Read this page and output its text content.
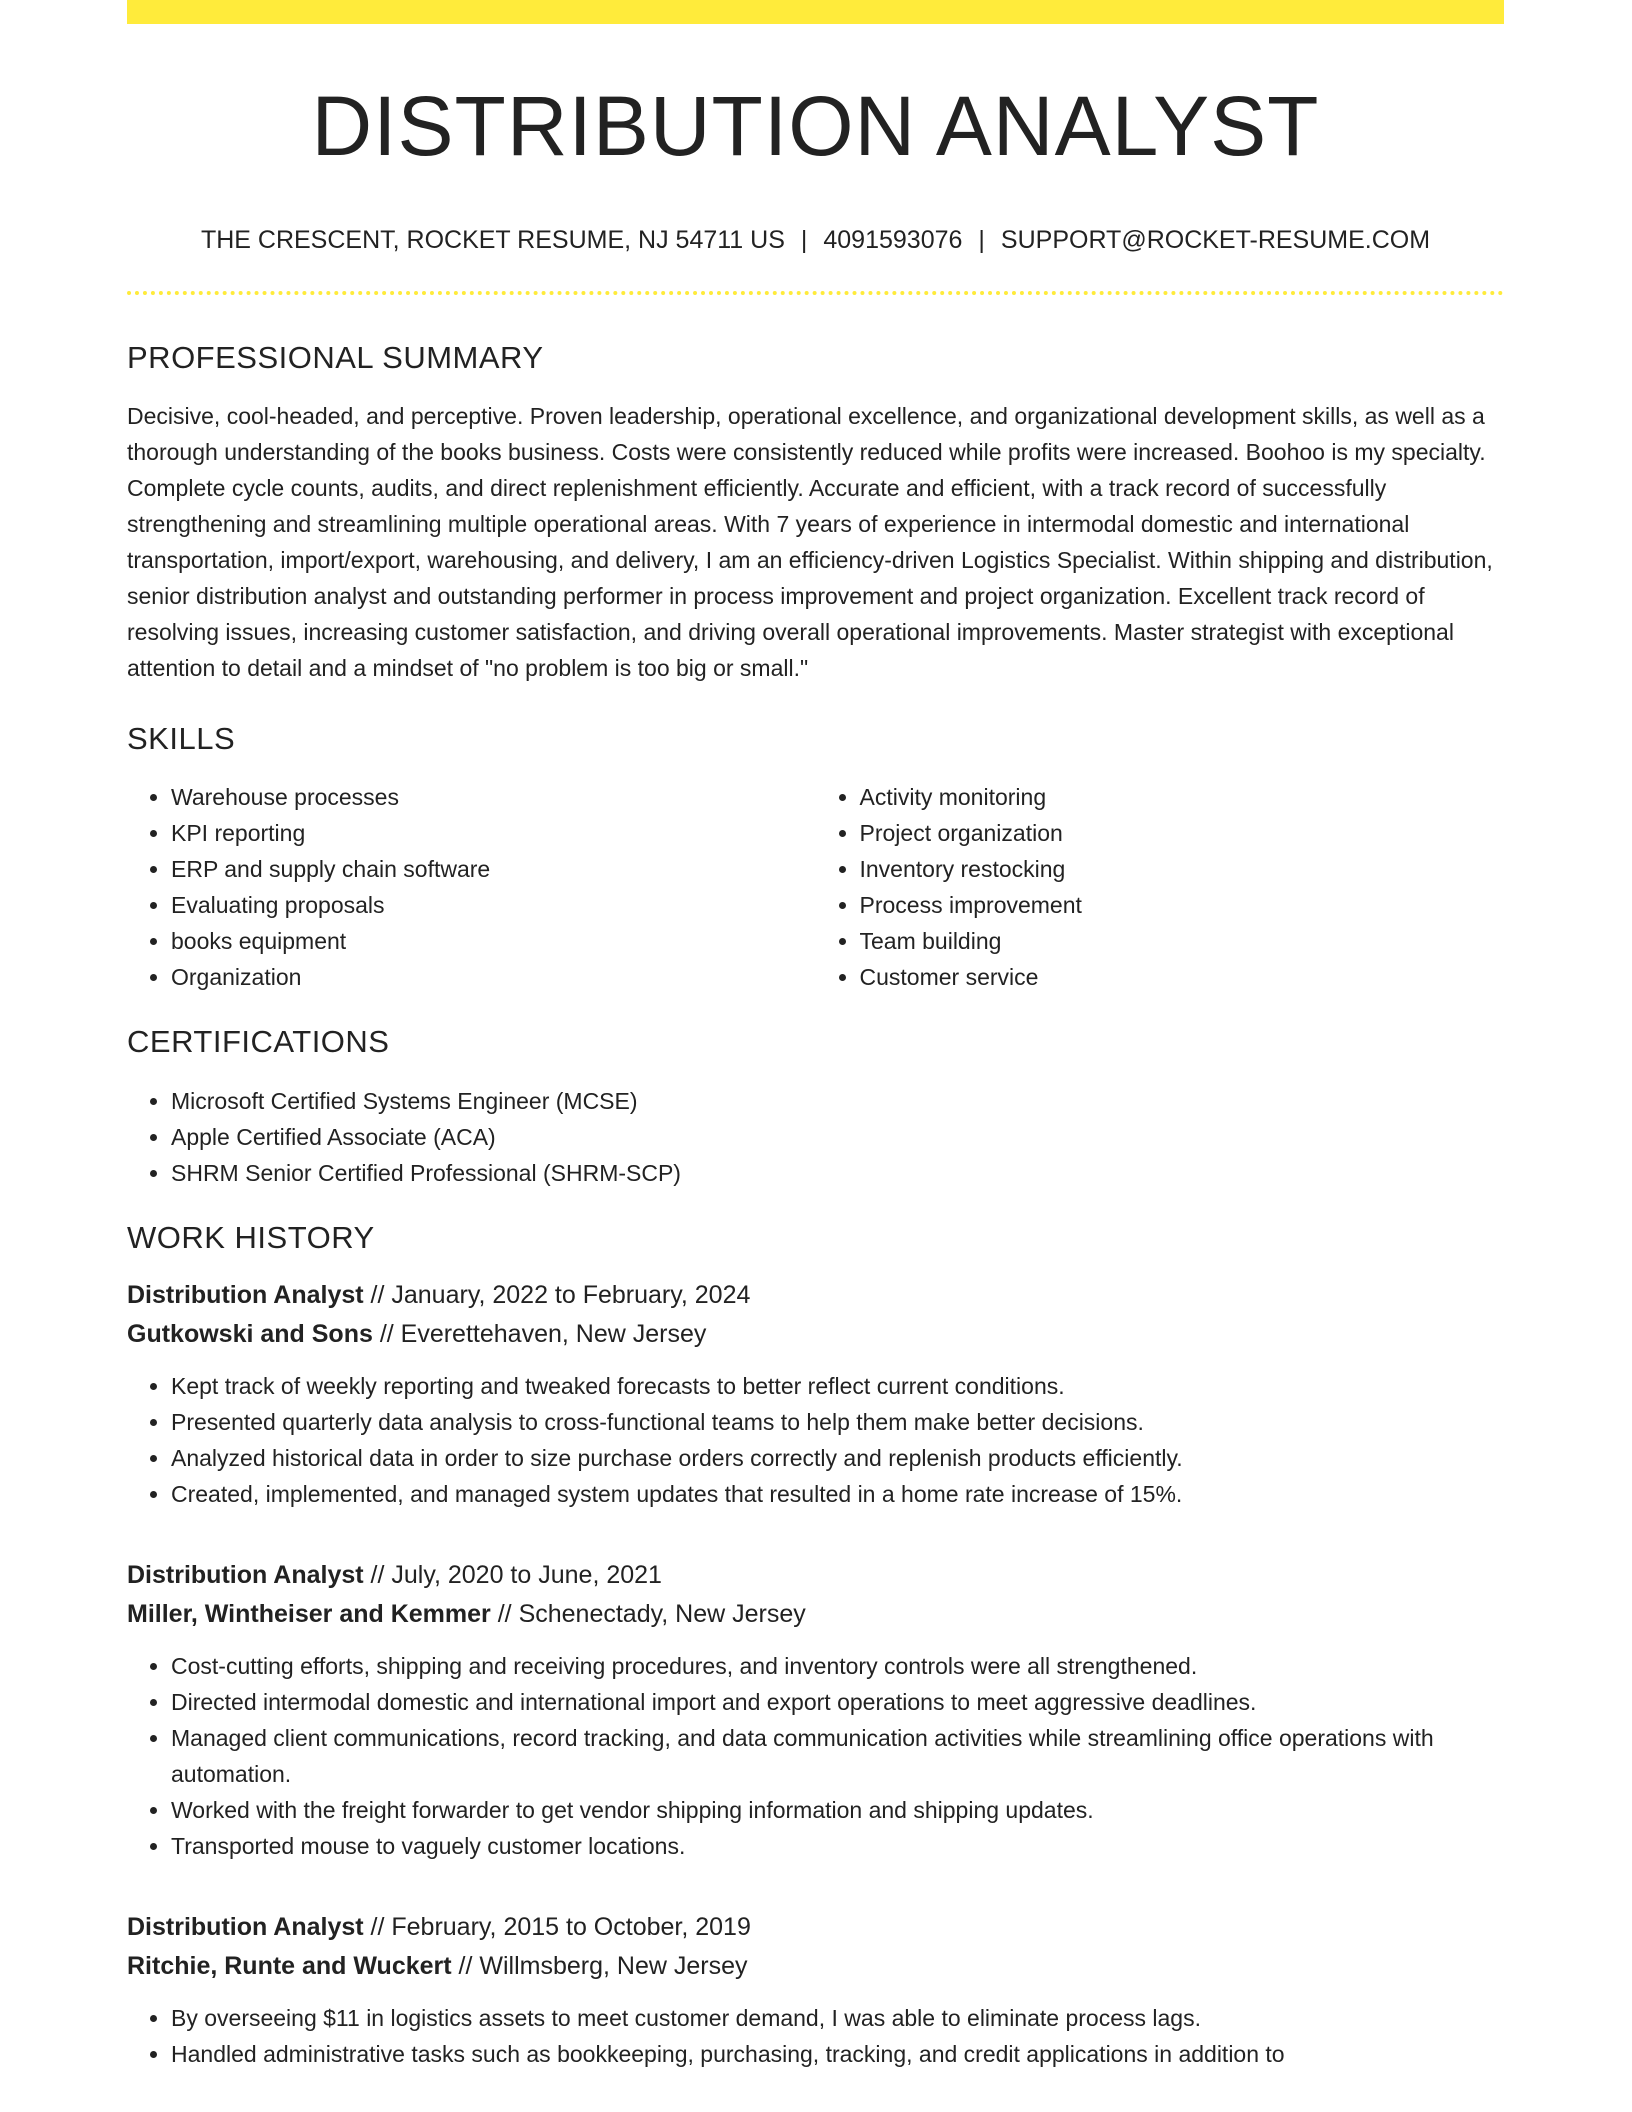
DISTRIBUTION ANALYST
THE CRESCENT, ROCKET RESUME, NJ 54711 US | 4091593076 | SUPPORT@ROCKET-RESUME.COM
PROFESSIONAL SUMMARY

Decisive, cool-headed, and perceptive. Proven leadership, operational excellence, and organizational development skills, as well as a thorough understanding of the books business. Costs were consistently reduced while profits were increased. Boohoo is my specialty. Complete cycle counts, audits, and direct replenishment efficiently. Accurate and efficient, with a track record of successfully strengthening and streamlining multiple operational areas. With 7 years of experience in intermodal domestic and international transportation, import/export, warehousing, and delivery, I am an efficiency-driven Logistics Specialist. Within shipping and distribution, senior distribution analyst and outstanding performer in process improvement and project organization. Excellent track record of resolving issues, increasing customer satisfaction, and driving overall operational improvements. Master strategist with exceptional attention to detail and a mindset of "no problem is too big or small."

SKILLS
• Warehouse processes
• KPI reporting
• ERP and supply chain software
• Evaluating proposals
• books equipment
• Organization
• Activity monitoring
• Project organization
• Inventory restocking
• Process improvement
• Team building
• Customer service
CERTIFICATIONS
• Microsoft Certified Systems Engineer (MCSE)
• Apple Certified Associate (ACA)
• SHRM Senior Certified Professional (SHRM-SCP)
WORK HISTORY
Distribution Analyst // January, 2022 to February, 2024
Gutkowski and Sons // Everettehaven, New Jersey
• Kept track of weekly reporting and tweaked forecasts to better reflect current conditions.
• Presented quarterly data analysis to cross-functional teams to help them make better decisions.
• Analyzed historical data in order to size purchase orders correctly and replenish products efficiently.
• Created, implemented, and managed system updates that resulted in a home rate increase of 15%.
Distribution Analyst // July, 2020 to June, 2021
Miller, Wintheiser and Kemmer // Schenectady, New Jersey
• Cost-cutting efforts, shipping and receiving procedures, and inventory controls were all strengthened.
• Directed intermodal domestic and international import and export operations to meet aggressive deadlines.
• Managed client communications, record tracking, and data communication activities while streamlining office operations with automation.
• Worked with the freight forwarder to get vendor shipping information and shipping updates.
• Transported mouse to vaguely customer locations.
Distribution Analyst // February, 2015 to October, 2019
Ritchie, Runte and Wuckert // Willmsberg, New Jersey
• By overseeing $11 in logistics assets to meet customer demand, I was able to eliminate process lags.
• Handled administrative tasks such as bookkeeping, purchasing, tracking, and credit applications in addition to
